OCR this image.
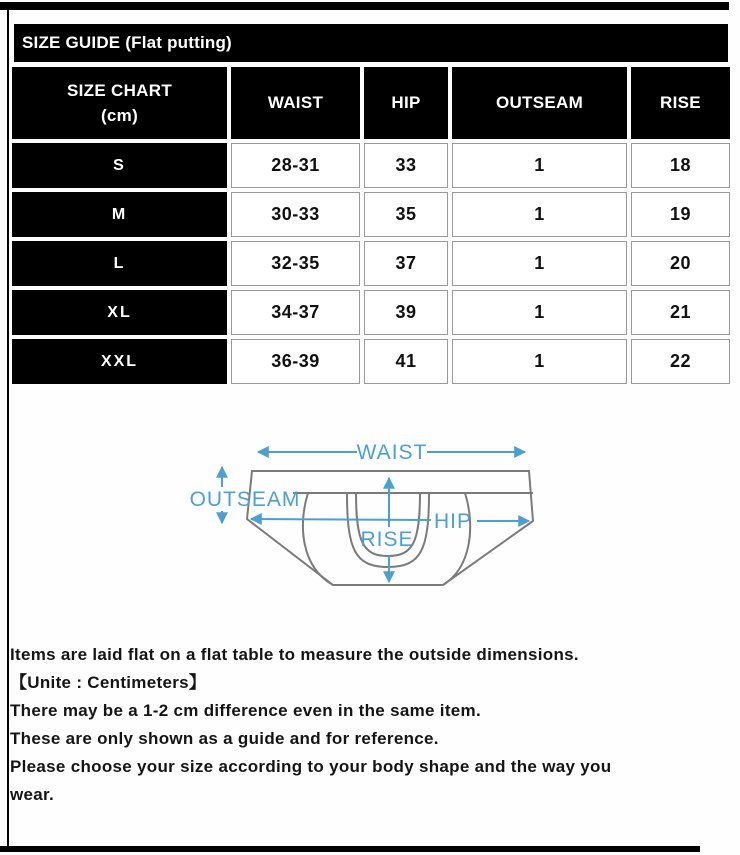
SIZE GUIDE (Flat putting)
SIZE CHART
(cm)	WAIST	HIP	OUTSEAM	RISE
S	28-31	33	1	18
M	30-33	35	1	19
L	32-35	37	1	20
XL	34-37	39	1	21
XXL	36-39	41	1	22
WAIST
OUTSEAM
HIP
RISE
Items are laid flat on a flat table to measure the outside dimensions.
【Unite : Centimeters】
There may be a 1-2 cm difference even in the same item.
These are only shown as a guide and for reference.
Please choose your size according to your body shape and the way you
wear.
